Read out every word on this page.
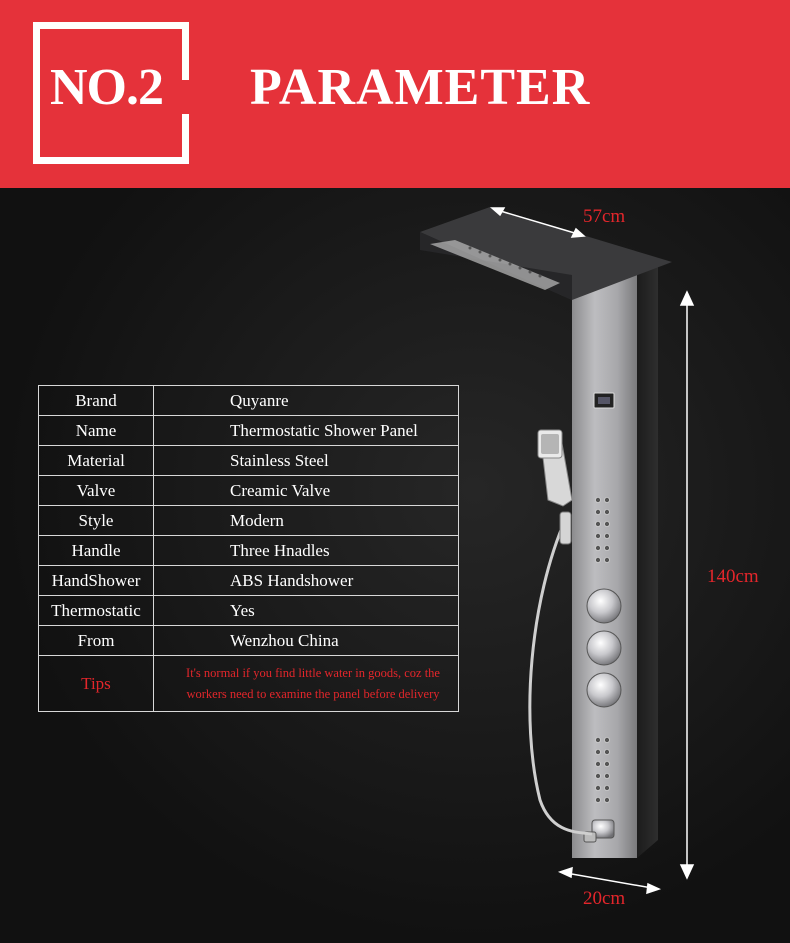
NO.2 PARAMETER
57cm
140cm
20cm
Brand	Quyanre
Name	Thermostatic Shower Panel
Material	Stainless Steel
Valve	Creamic Valve
Style	Modern
Handle	Three Hnadles
HandShower	ABS Handshower
Thermostatic	Yes
From	Wenzhou China
Tips	It's normal if you find little water in goods, coz the
workers need to examine the panel before delivery
